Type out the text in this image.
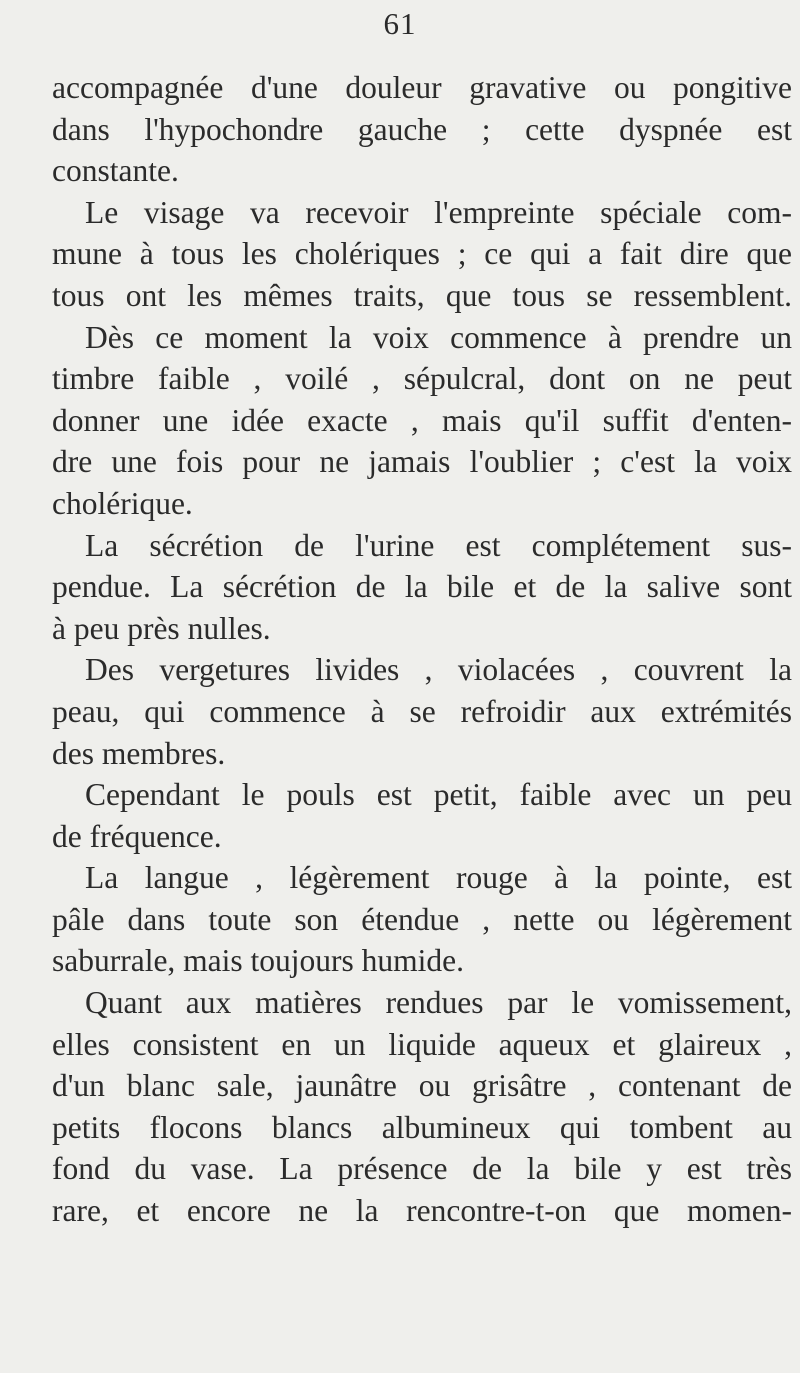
61
accompagnée d'une douleur gravative ou pongitive
dans l'hypochondre gauche ; cette dyspnée est
constante.
Le visage va recevoir l'empreinte spéciale com-
mune à tous les cholériques ; ce qui a fait dire que
tous ont les mêmes traits, que tous se ressemblent.
Dès ce moment la voix commence à prendre un
timbre faible , voilé , sépulcral, dont on ne peut
donner une idée exacte , mais qu'il suffit d'enten-
dre une fois pour ne jamais l'oublier ; c'est la voix
cholérique.
La sécrétion de l'urine est complétement sus-
pendue. La sécrétion de la bile et de la salive sont
à peu près nulles.
Des vergetures livides , violacées , couvrent la
peau, qui commence à se refroidir aux extrémités
des membres.
Cependant le pouls est petit, faible avec un peu
de fréquence.
La langue , légèrement rouge à la pointe, est
pâle dans toute son étendue , nette ou légèrement
saburrale, mais toujours humide.
Quant aux matières rendues par le vomissement,
elles consistent en un liquide aqueux et glaireux ,
d'un blanc sale, jaunâtre ou grisâtre , contenant de
petits flocons blancs albumineux qui tombent au
fond du vase. La présence de la bile y est très
rare, et encore ne la rencontre-t-on que momen-
